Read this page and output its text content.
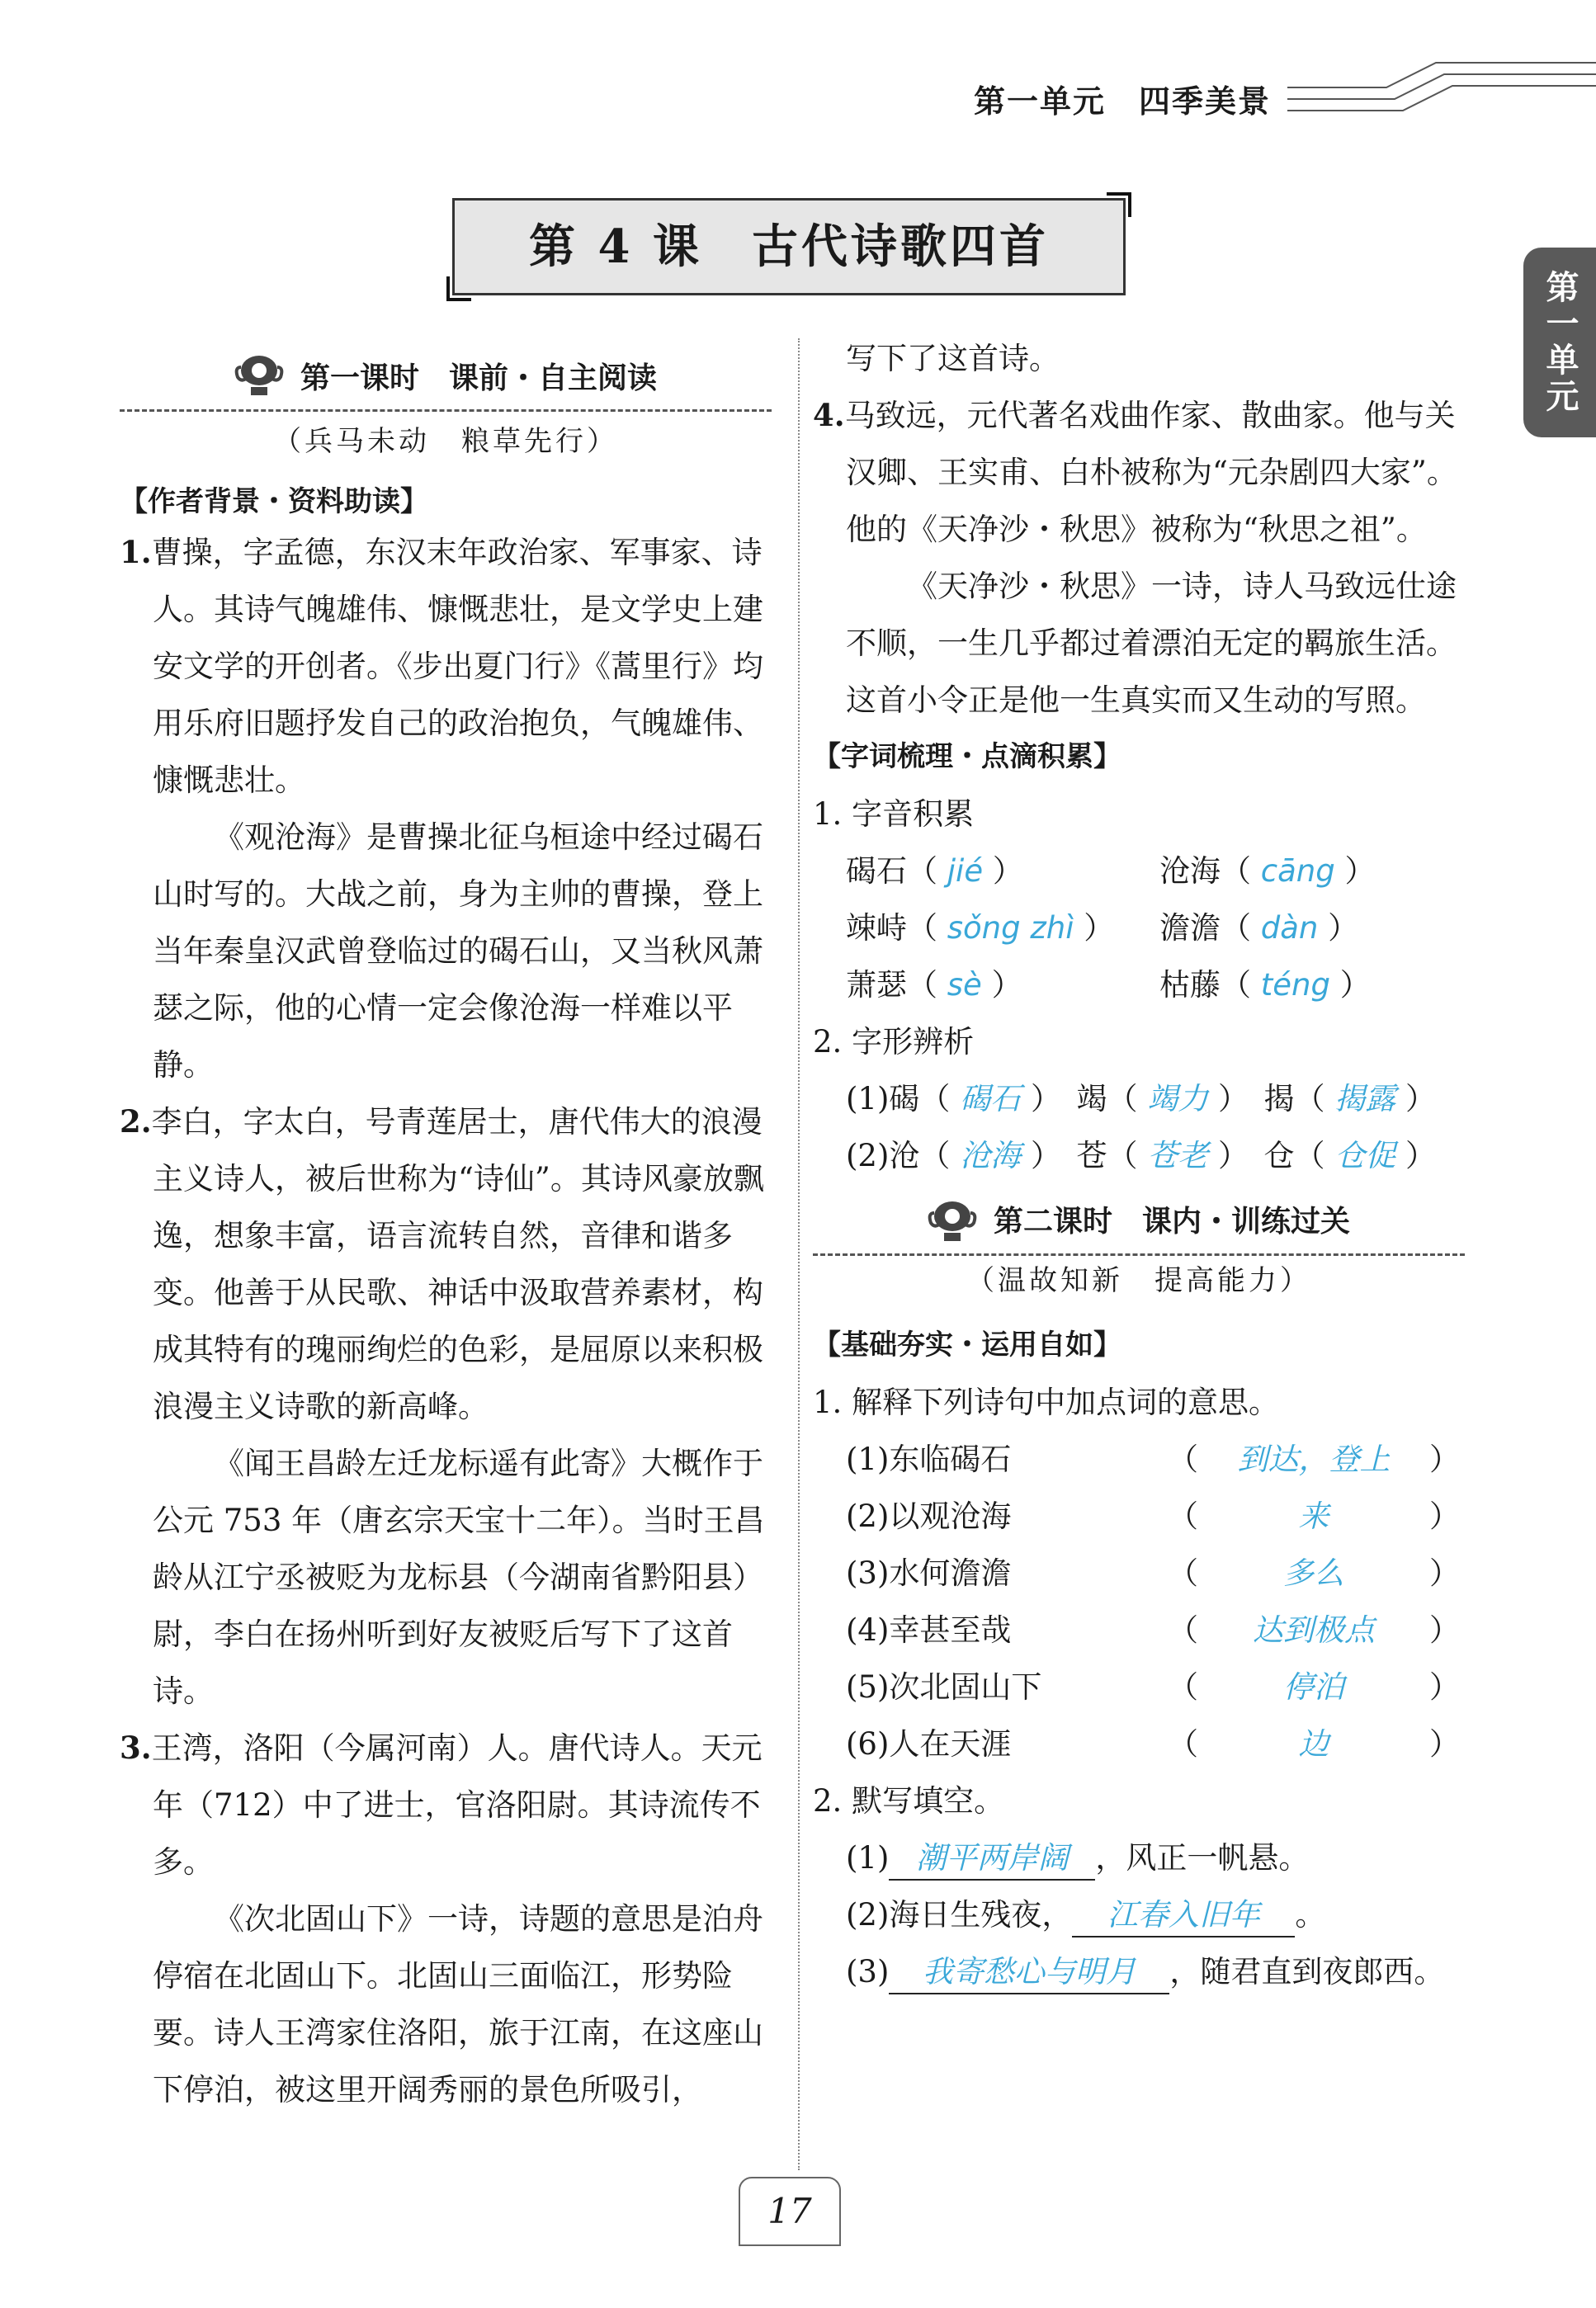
第一单元　四季美景
第一单元
第 4 课　古代诗歌四首
第一课时　课前・自主阅读
（兵马未动　粮草先行）
【作者背景・资料助读】

1.曹操，字孟德，东汉末年政治家、军事家、诗人。其诗气魄雄伟、慷慨悲壮，是文学史上建安文学的开创者。《步出夏门行》《蒿里行》均用乐府旧题抒发自己的政治抱负，气魄雄伟、慷慨悲壮。

《观沧海》是曹操北征乌桓途中经过碣石山时写的。大战之前，身为主帅的曹操，登上当年秦皇汉武曾登临过的碣石山，又当秋风萧瑟之际，他的心情一定会像沧海一样难以平静。

2.李白，字太白，号青莲居士，唐代伟大的浪漫主义诗人，被后世称为“诗仙”。其诗风豪放飘逸，想象丰富，语言流转自然，音律和谐多变。他善于从民歌、神话中汲取营养素材，构成其特有的瑰丽绚烂的色彩，是屈原以来积极浪漫主义诗歌的新高峰。

《闻王昌龄左迁龙标遥有此寄》大概作于公元 753 年（唐玄宗天宝十二年）。当时王昌龄从江宁丞被贬为龙标县（今湖南省黔阳县）尉，李白在扬州听到好友被贬后写下了这首诗。

3.王湾，洛阳（今属河南）人。唐代诗人。天元年（712）中了进士，官洛阳尉。其诗流传不多。

《次北固山下》一诗，诗题的意思是泊舟停宿在北固山下。北固山三面临江，形势险要。诗人王湾家住洛阳，旅于江南，在这座山下停泊，被这里开阔秀丽的景色所吸引，

写下了这首诗。

4.马致远，元代著名戏曲作家、散曲家。他与关汉卿、王实甫、白朴被称为“元杂剧四大家”。他的《天净沙・秋思》被称为“秋思之祖”。

《天净沙・秋思》一诗，诗人马致远仕途不顺，一生几乎都过着漂泊无定的羁旅生活。这首小令正是他一生真实而又生动的写照。

【字词梳理・点滴积累】

1. 字音积累

碣石（ jié ）	沧海（ cāng ）
竦峙（ sǒng zhì ）	澹澹（ dàn ）
萧瑟（ sè ）	枯藤（ téng ）

2. 字形辨析

(1)碣（ 碣石 ）　竭（ 竭力 ）　揭（ 揭露 ）
(2)沧（ 沧海 ）　苍（ 苍老 ）　仓（ 仓促 ）
第二课时　课内・训练过关
（温故知新　提高能力）
【基础夯实・运用自如】

1. 解释下列诗句中加点词的意思。

(1)东临碣石	（	到达，登上	）
(2)以观沧海	（	来	）
(3)水何澹澹	（	多么	）
(4)幸甚至哉	（	达到极点	）
(5)次北固山下	（	停泊	）
(6)人在天涯	（	边	）

2. 默写填空。

(1) 潮平两岸阔 ，风正一帆悬。
(2)海日生残夜， 江春入旧年 。
(3) 我寄愁心与明月 ，随君直到夜郎西。
17
